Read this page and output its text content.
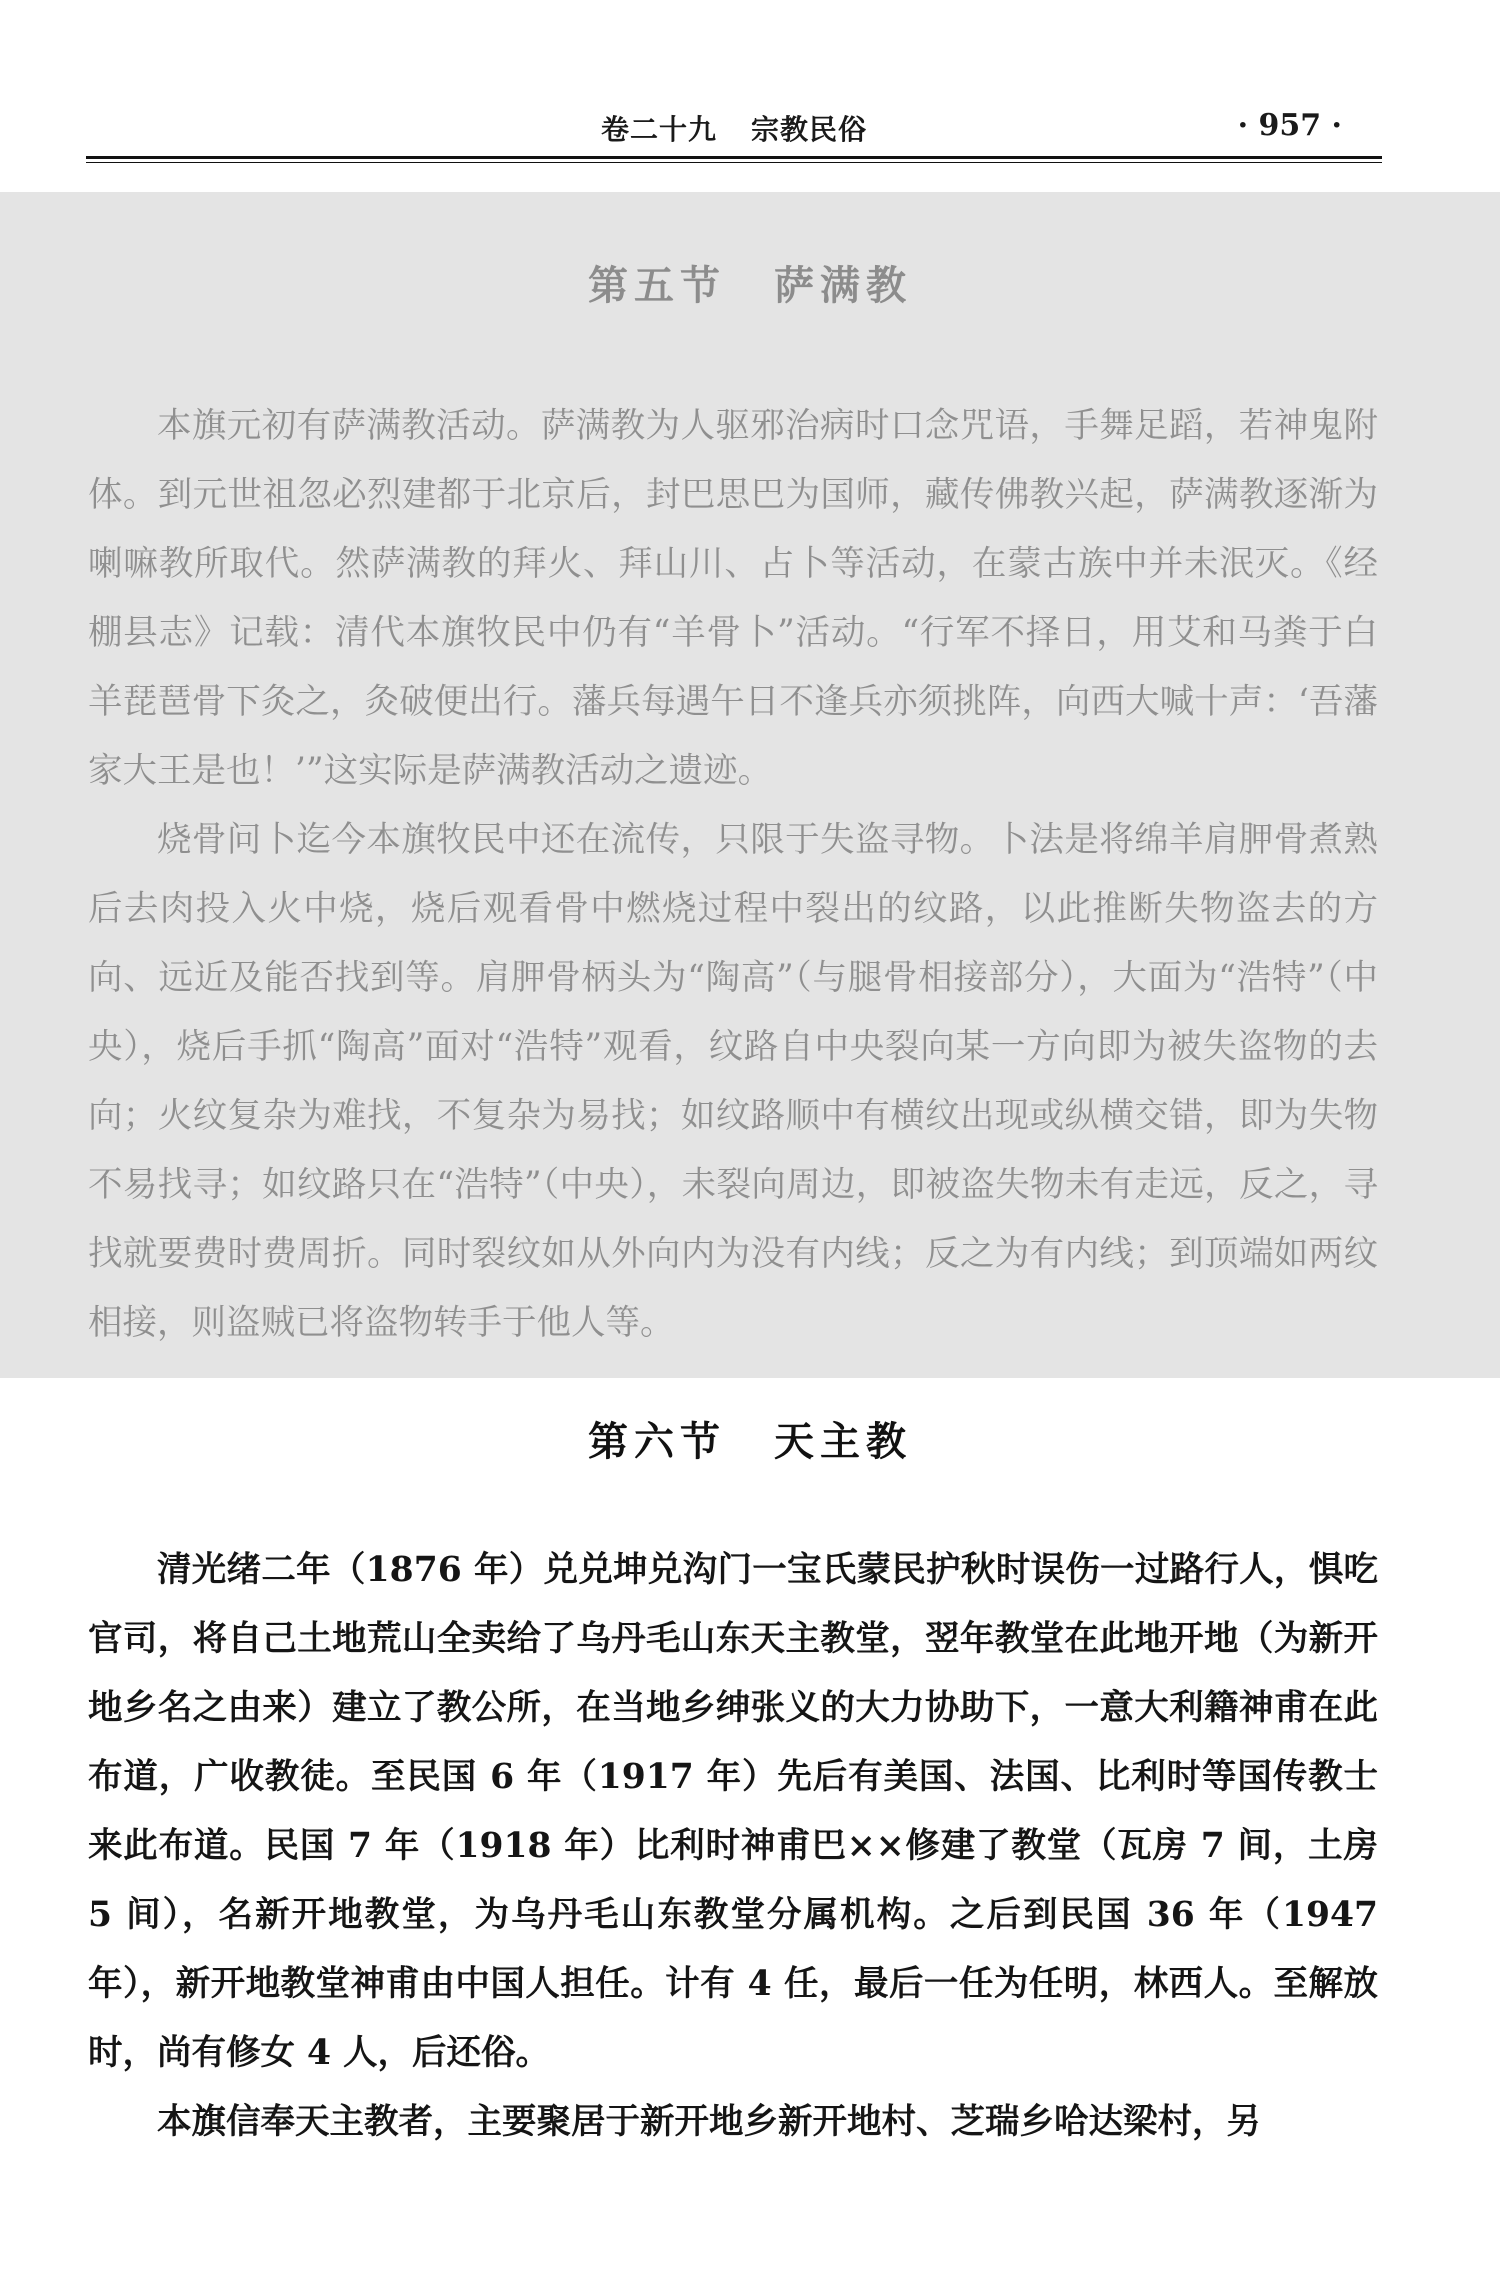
卷二十九 宗教民俗	· 957 ·
第五节 萨满教

本旗元初有萨满教活动。萨满教为人驱邪治病时口念咒语，手舞足蹈，若神鬼附体。到元世祖忽必烈建都于北京后，封巴思巴为国师，藏传佛教兴起，萨满教逐渐为喇嘛教所取代。然萨满教的拜火、拜山川、占卜等活动，在蒙古族中并未泯灭。《经棚县志》记载：清代本旗牧民中仍有“羊骨卜”活动。“行军不择日，用艾和马粪于白羊琵琶骨下灸之，灸破便出行。藩兵每遇午日不逢兵亦须挑阵，向西大喊十声：‘吾藩家大王是也！’”这实际是萨满教活动之遗迹。

烧骨问卜迄今本旗牧民中还在流传，只限于失盗寻物。卜法是将绵羊肩胛骨煮熟后去肉投入火中烧，烧后观看骨中燃烧过程中裂出的纹路，以此推断失物盗去的方向、远近及能否找到等。肩胛骨柄头为“陶高”（与腿骨相接部分），大面为“浩特”（中央），烧后手抓“陶高”面对“浩特”观看，纹路自中央裂向某一方向即为被失盗物的去向；火纹复杂为难找，不复杂为易找；如纹路顺中有横纹出现或纵横交错，即为失物不易找寻；如纹路只在“浩特”（中央），未裂向周边，即被盗失物未有走远，反之，寻找就要费时费周折。同时裂纹如从外向内为没有内线；反之为有内线；到顶端如两纹相接，则盗贼已将盗物转手于他人等。

第六节 天主教

清光绪二年（1876 年）兑兑坤兑沟门一宝氏蒙民护秋时误伤一过路行人，惧吃官司，将自己土地荒山全卖给了乌丹毛山东天主教堂，翌年教堂在此地开地（为新开地乡名之由来）建立了教公所，在当地乡绅张义的大力协助下，一意大利籍神甫在此布道，广收教徒。至民国 6 年（1917 年）先后有美国、法国、比利时等国传教士来此布道。民国 7 年（1918 年）比利时神甫巴××修建了教堂（瓦房 7 间，土房 5 间），名新开地教堂，为乌丹毛山东教堂分属机构。之后到民国 36 年（1947 年），新开地教堂神甫由中国人担任。计有 4 任，最后一任为任明，林西人。至解放时，尚有修女 4 人，后还俗。

本旗信奉天主教者，主要聚居于新开地乡新开地村、芝瑞乡哈达梁村，另
